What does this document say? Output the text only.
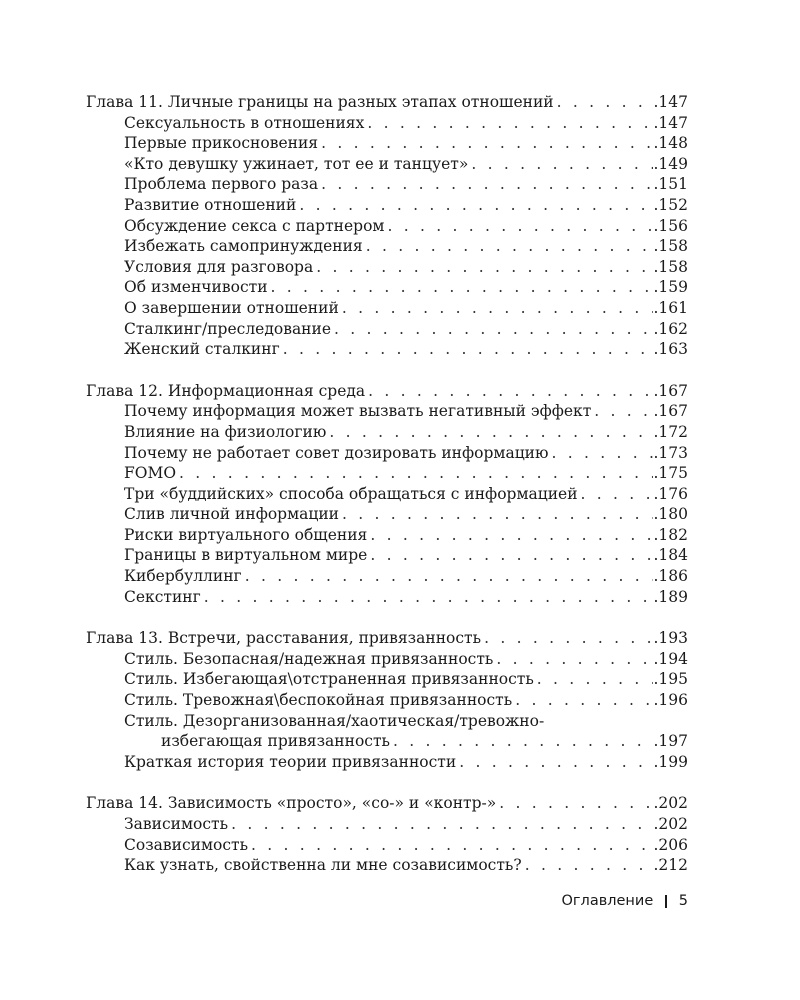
Глава 11. Личные границы на разных этапах отношений . . .	.147
Сексуальность в отношениях . . .	.147
Первые прикосновения . . .	.148
«Кто девушку ужинает, тот ее и танцует» . . .	.149
Проблема первого раза . . .	.151
Развитие отношений . . .	.152
Обсуждение секса с партнером . . .	.156
Избежать самопринуждения . . .	.158
Условия для разговора . . .	.158
Об изменчивости . . .	.159
О завершении отношений . . .	.161
Сталкинг/преследование . . .	.162
Женский сталкинг . . .	.163
Глава 12. Информационная среда . . .	.167
Почему информация может вызвать негативный эффект . . .	.167
Влияние на физиологию . . .	.172
Почему не работает совет дозировать информацию . . .	.173
FOMO . . .	.175
Три «буддийских» способа обращаться с информацией . . .	.176
Слив личной информации . . .	.180
Риски виртуального общения . . .	.182
Границы в виртуальном мире . . .	.184
Кибербуллинг . . .	.186
Секстинг . . .	.189
Глава 13. Встречи, расставания, привязанность . . .	.193
Стиль. Безопасная/надежная привязанность . . .	.194
Стиль. Избегающая\отстраненная привязанность . . .	.195
Стиль. Тревожная\беспокойная привязанность . . .	.196
Стиль. Дезорганизованная/хаотическая/тревожно-
избегающая привязанность . . .	.197
Краткая история теории привязанности . . .	.199
Глава 14. Зависимость «просто», «со-» и «контр-» . . .	.202
Зависимость . . .	.202
Созависимость . . .	.206
Как узнать, свойственна ли мне созависимость? . . .	.212
Оглавление 5
